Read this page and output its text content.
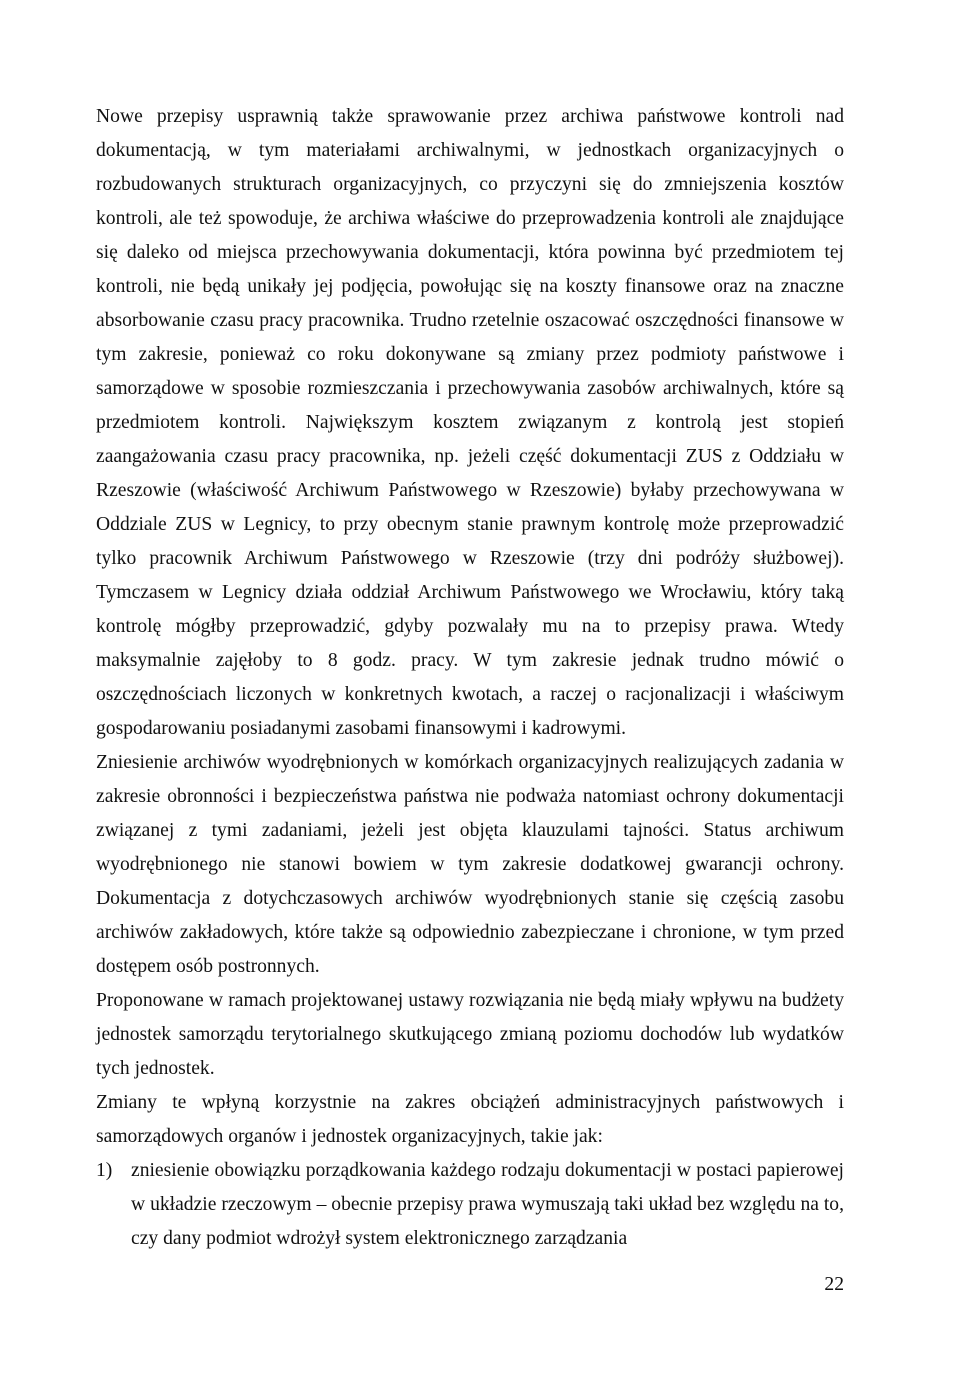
Nowe przepisy usprawnią także sprawowanie przez archiwa państwowe kontroli nad dokumentacją, w tym materiałami archiwalnymi, w jednostkach organizacyjnych o rozbudowanych strukturach organizacyjnych, co przyczyni się do zmniejszenia kosztów kontroli, ale też spowoduje, że archiwa właściwe do przeprowadzenia kontroli ale znajdujące się daleko od miejsca przechowywania dokumentacji, która powinna być przedmiotem tej kontroli, nie będą unikały jej podjęcia, powołując się na koszty finansowe oraz na znaczne absorbowanie czasu pracy pracownika. Trudno rzetelnie oszacować oszczędności finansowe w tym zakresie, ponieważ co roku dokonywane są zmiany przez podmioty państwowe i samorządowe w sposobie rozmieszczania i przechowywania zasobów archiwalnych, które są przedmiotem kontroli. Największym kosztem związanym z kontrolą jest stopień zaangażowania czasu pracy pracownika, np. jeżeli część dokumentacji ZUS z Oddziału w Rzeszowie (właściwość Archiwum Państwowego w Rzeszowie) byłaby przechowywana w Oddziale ZUS w Legnicy, to przy obecnym stanie prawnym kontrolę może przeprowadzić tylko pracownik Archiwum Państwowego w Rzeszowie (trzy dni podróży służbowej). Tymczasem w Legnicy działa oddział Archiwum Państwowego we Wrocławiu, który taką kontrolę mógłby przeprowadzić, gdyby pozwalały mu na to przepisy prawa. Wtedy maksymalnie zajęłoby to 8 godz. pracy. W tym zakresie jednak trudno mówić o oszczędnościach liczonych w konkretnych kwotach, a raczej o racjonalizacji i właściwym gospodarowaniu posiadanymi zasobami finansowymi i kadrowymi.

Zniesienie archiwów wyodrębnionych w komórkach organizacyjnych realizujących zadania w zakresie obronności i bezpieczeństwa państwa nie podważa natomiast ochrony dokumentacji związanej z tymi zadaniami, jeżeli jest objęta klauzulami tajności. Status archiwum wyodrębnionego nie stanowi bowiem w tym zakresie dodatkowej gwarancji ochrony. Dokumentacja z dotychczasowych archiwów wyodrębnionych stanie się częścią zasobu archiwów zakładowych, które także są odpowiednio zabezpieczane i chronione, w tym przed dostępem osób postronnych.

Proponowane w ramach projektowanej ustawy rozwiązania nie będą miały wpływu na budżety jednostek samorządu terytorialnego skutkującego zmianą poziomu dochodów lub wydatków tych jednostek.

Zmiany te wpłyną korzystnie na zakres obciążeń administracyjnych państwowych i samorządowych organów i jednostek organizacyjnych, takie jak:

1) zniesienie obowiązku porządkowania każdego rodzaju dokumentacji w postaci papierowej w układzie rzeczowym – obecnie przepisy prawa wymuszają taki układ bez względu na to, czy dany podmiot wdrożył system elektronicznego zarządzania
22
